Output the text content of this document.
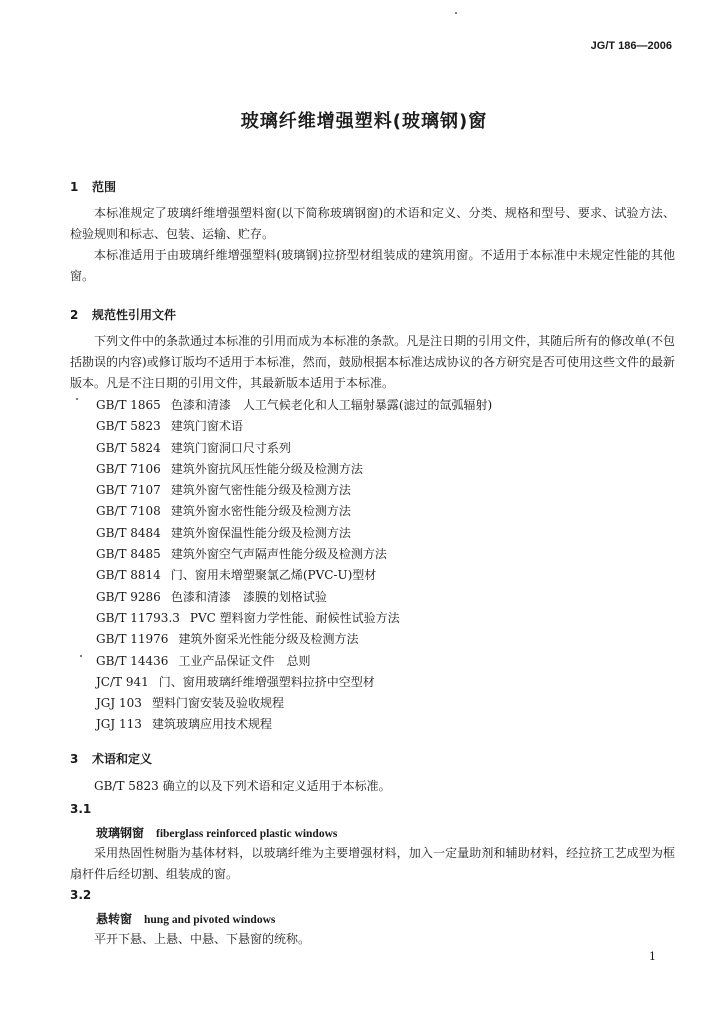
JG/T 186—2006
玻璃纤维增强塑料(玻璃钢)窗
1 范围
本标准规定了玻璃纤维增强塑料窗(以下简称玻璃钢窗)的术语和定义、分类、规格和型号、要求、试验方法、检验规则和标志、包装、运输、贮存。
本标准适用于由玻璃纤维增强塑料(玻璃钢)拉挤型材组装成的建筑用窗。不适用于本标准中未规定性能的其他窗。
2 规范性引用文件
下列文件中的条款通过本标准的引用而成为本标准的条款。凡是注日期的引用文件，其随后所有的修改单(不包括勘误的内容)或修订版均不适用于本标准，然而，鼓励根据本标准达成协议的各方研究是否可使用这些文件的最新版本。凡是不注日期的引用文件，其最新版本适用于本标准。
GB/T 1865 色漆和清漆　人工气候老化和人工辐射暴露(滤过的氙弧辐射)
GB/T 5823 建筑门窗术语
GB/T 5824 建筑门窗洞口尺寸系列
GB/T 7106 建筑外窗抗风压性能分级及检测方法
GB/T 7107 建筑外窗气密性能分级及检测方法
GB/T 7108 建筑外窗水密性能分级及检测方法
GB/T 8484 建筑外窗保温性能分级及检测方法
GB/T 8485 建筑外窗空气声隔声性能分级及检测方法
GB/T 8814 门、窗用未增塑聚氯乙烯(PVC-U)型材
GB/T 9286 色漆和清漆　漆膜的划格试验
GB/T 11793.3 PVC 塑料窗力学性能、耐候性试验方法
GB/T 11976 建筑外窗采光性能分级及检测方法
GB/T 14436 工业产品保证文件　总则
JC/T 941 门、窗用玻璃纤维增强塑料拉挤中空型材
JGJ 103 塑料门窗安装及验收规程
JGJ 113 建筑玻璃应用技术规程
3 术语和定义
GB/T 5823 确立的以及下列术语和定义适用于本标准。
3.1
玻璃钢窗 fiberglass reinforced plastic windows
采用热固性树脂为基体材料，以玻璃纤维为主要增强材料，加入一定量助剂和辅助材料，经拉挤工艺成型为框扇杆件后经切割、组装成的窗。
3.2
悬转窗 hung and pivoted windows
平开下悬、上悬、中悬、下悬窗的统称。
1
